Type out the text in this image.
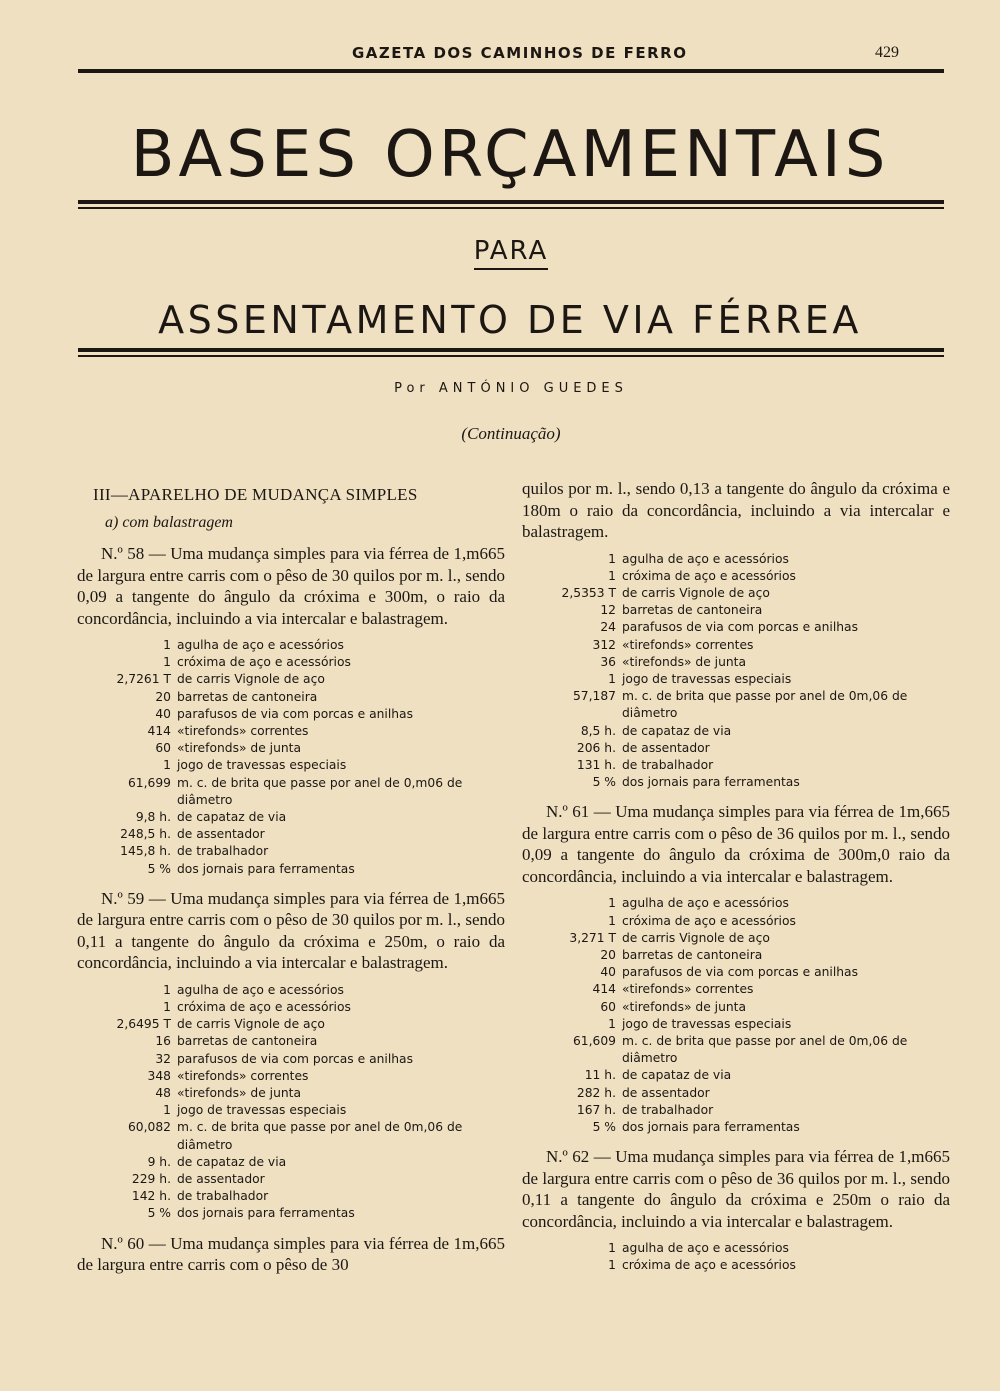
GAZETA DOS CAMINHOS DE FERRO	429
BASES ORÇAMENTAIS
PARA
ASSENTAMENTO DE VIA FÉRREA
Por ANTÓNIO GUEDES
(Continuação)
III—APARELHO DE MUDANÇA SIMPLES
a) com balastragem

N.º 58 — Uma mudança simples para via férrea de 1,m665 de largura entre carris com o pêso de 30 quilos por m. l., sendo 0,09 a tangente do ângulo da cróxima e 300m, o raio da concordância, incluindo a via intercalar e balastragem.

1 agulha de aço e acessórios
1 cróxima de aço e acessórios
2,7261 T de carris Vignole de aço
20 barretas de cantoneira
40 parafusos de via com porcas e anilhas
414 «tirefonds» correntes
60 «tirefonds» de junta
1 jogo de travessas especiais
61,699 m. c. de brita que passe por anel de 0,m06 de diâmetro
9,8 h. de capataz de via
248,5 h. de assentador
145,8 h. de trabalhador
5 % dos jornais para ferramentas

N.º 59 — Uma mudança simples para via férrea de 1,m665 de largura entre carris com o pêso de 30 quilos por m. l., sendo 0,11 a tangente do ângulo da cróxima e 250m, o raio da concordância, incluindo a via intercalar e balastragem.

1 agulha de aço e acessórios
1 cróxima de aço e acessórios
2,6495 T de carris Vignole de aço
16 barretas de cantoneira
32 parafusos de via com porcas e anilhas
348 «tirefonds» correntes
48 «tirefonds» de junta
1 jogo de travessas especiais
60,082 m. c. de brita que passe por anel de 0m,06 de diâmetro
9 h. de capataz de via
229 h. de assentador
142 h. de trabalhador
5 % dos jornais para ferramentas

N.º 60 — Uma mudança simples para via férrea de 1m,665 de largura entre carris com o pêso de 30

quilos por m. l., sendo 0,13 a tangente do ângulo da cróxima e 180m o raio da concordância, incluindo a via intercalar e balastragem.

1 agulha de aço e acessórios
1 cróxima de aço e acessórios
2,5353 T de carris Vignole de aço
12 barretas de cantoneira
24 parafusos de via com porcas e anilhas
312 «tirefonds» correntes
36 «tirefonds» de junta
1 jogo de travessas especiais
57,187 m. c. de brita que passe por anel de 0m,06 de diâmetro
8,5 h. de capataz de via
206 h. de assentador
131 h. de trabalhador
5 % dos jornais para ferramentas

N.º 61 — Uma mudança simples para via férrea de 1m,665 de largura entre carris com o pêso de 36 quilos por m. l., sendo 0,09 a tangente do ângulo da cróxima de 300m,0 raio da concordância, incluindo a via intercalar e balastragem.

1 agulha de aço e acessórios
1 cróxima de aço e acessórios
3,271 T de carris Vignole de aço
20 barretas de cantoneira
40 parafusos de via com porcas e anilhas
414 «tirefonds» correntes
60 «tirefonds» de junta
1 jogo de travessas especiais
61,609 m. c. de brita que passe por anel de 0m,06 de diâmetro
11 h. de capataz de via
282 h. de assentador
167 h. de trabalhador
5 % dos jornais para ferramentas

N.º 62 — Uma mudança simples para via férrea de 1,m665 de largura entre carris com o pêso de 36 quilos por m. l., sendo 0,11 a tangente do ângulo da cróxima e 250m o raio da concordância, incluindo a via intercalar e balastragem.

1 agulha de aço e acessórios
1 cróxima de aço e acessórios
